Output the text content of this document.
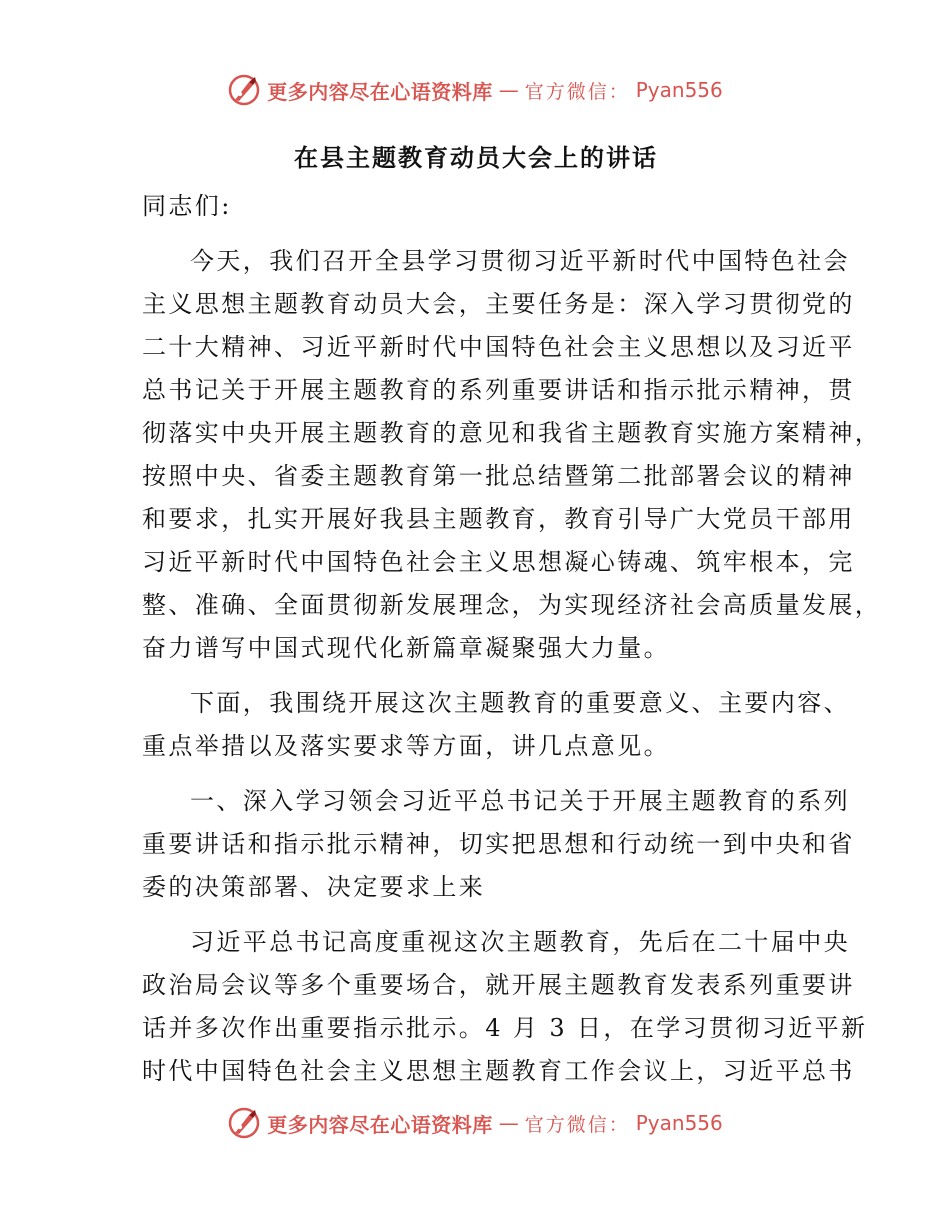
更多内容尽在心语资料库 — 官方微信： Pyan556
在县主题教育动员大会上的讲话

同志们:

今天，我们召开全县学习贯彻习近平新时代中国特色社会

主义思想主题教育动员大会，主要任务是：深入学习贯彻党的

二十大精神、习近平新时代中国特色社会主义思想以及习近平

总书记关于开展主题教育的系列重要讲话和指示批示精神，贯

彻落实中央开展主题教育的意见和我省主题教育实施方案精神，

按照中央、省委主题教育第一批总结暨第二批部署会议的精神

和要求，扎实开展好我县主题教育，教育引导广大党员干部用

习近平新时代中国特色社会主义思想凝心铸魂、筑牢根本，完

整、准确、全面贯彻新发展理念，为实现经济社会高质量发展，

奋力谱写中国式现代化新篇章凝聚强大力量。

下面，我围绕开展这次主题教育的重要意义、主要内容、

重点举措以及落实要求等方面，讲几点意见。

一、深入学习领会习近平总书记关于开展主题教育的系列

重要讲话和指示批示精神，切实把思想和行动统一到中央和省

委的决策部署、决定要求上来

习近平总书记高度重视这次主题教育，先后在二十届中央

政治局会议等多个重要场合，就开展主题教育发表系列重要讲

话并多次作出重要指示批示。4 月 3 日，在学习贯彻习近平新

时代中国特色社会主义思想主题教育工作会议上，习近平总书

更多内容尽在心语资料库 — 官方微信： Pyan556
